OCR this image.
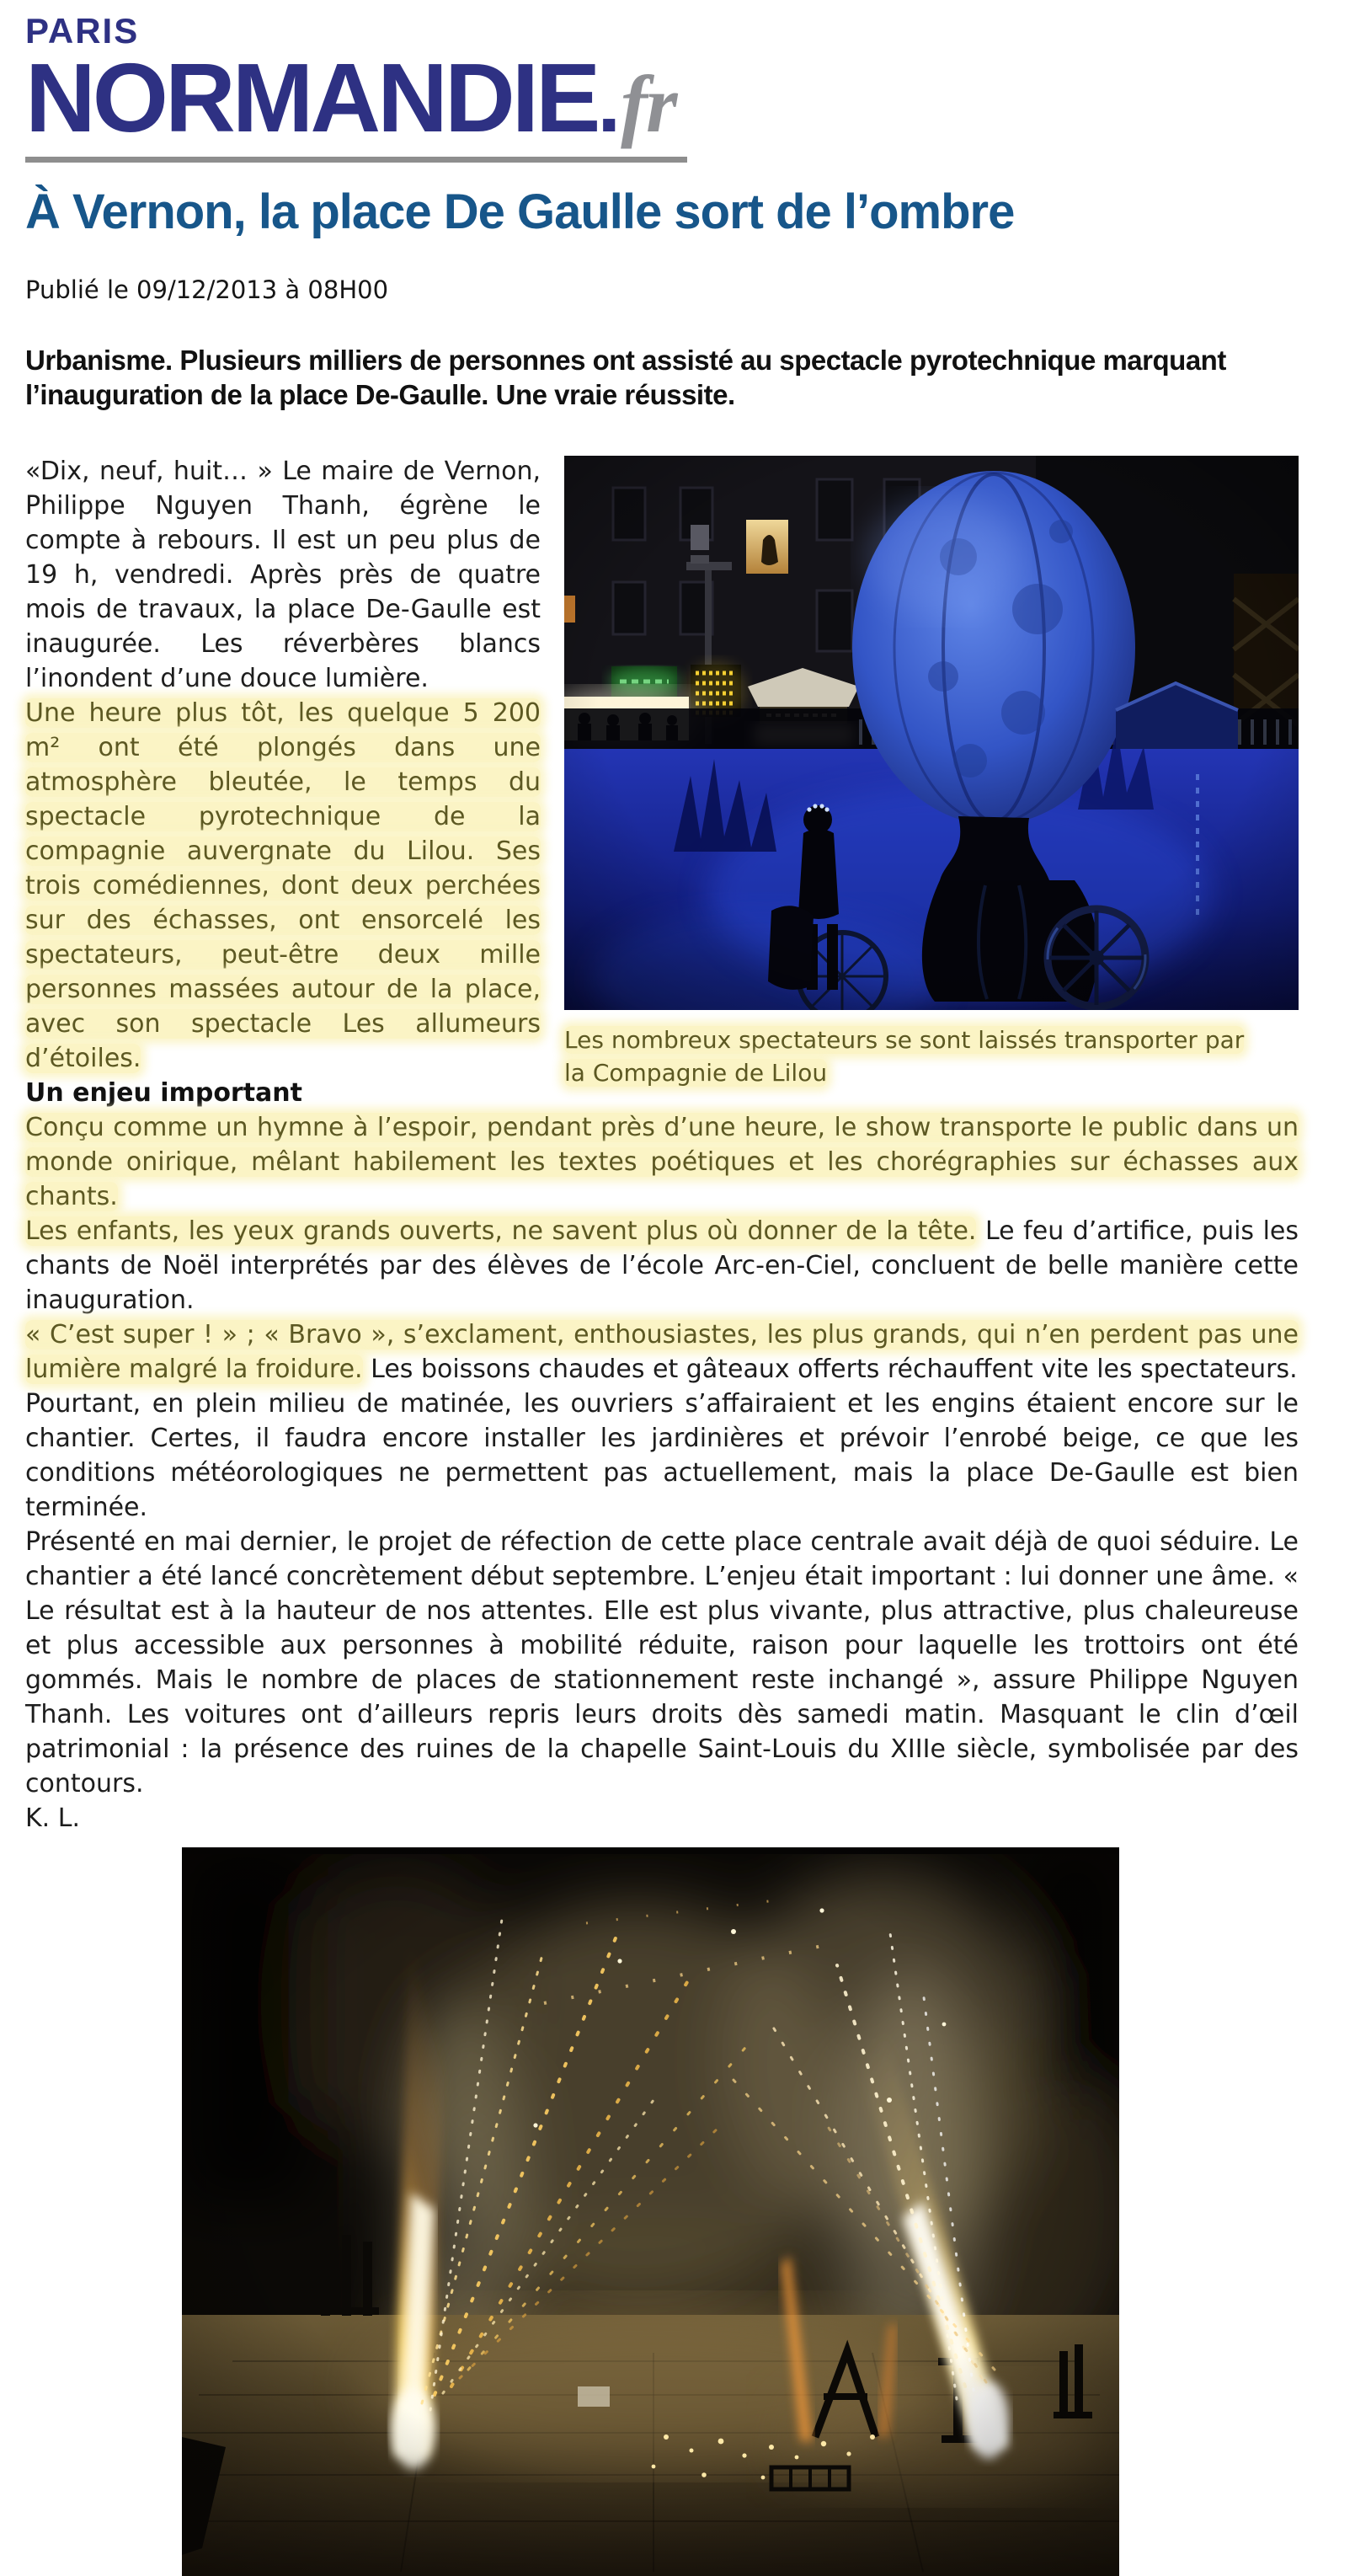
PARIS
NORMANDIE . fr
À Vernon, la place De Gaulle sort de l’ombre
Publié le 09/12/2013 à 08H00

Urbanisme. Plusieurs milliers de personnes ont assisté au spectacle pyrotechnique marquant l’inauguration de la place De-Gaulle. Une vraie réussite.

Les nombreux spectateurs se sont laissés transporter par la Compagnie de Lilou

«Dix, neuf, huit… » Le maire de Vernon, Philippe Nguyen Thanh, égrène le compte à rebours. Il est un peu plus de 19 h, vendredi. Après près de quatre mois de travaux, la place De-Gaulle est inaugurée. Les réverbères blancs l’inondent d’une douce lumière.

Une heure plus tôt, les quelque 5 200 m² ont été plongés dans une atmosphère bleutée, le temps du spectacle pyrotechnique de la compagnie auvergnate du Lilou. Ses trois comédiennes, dont deux perchées sur des échasses, ont ensorcelé les spectateurs, peut-être deux mille personnes massées autour de la place, avec son spectacle Les allumeurs d’étoiles.

Un enjeu important

Conçu comme un hymne à l’espoir, pendant près d’une heure, le show transporte le public dans un monde onirique, mêlant habilement les textes poétiques et les chorégraphies sur échasses aux chants.

Les enfants, les yeux grands ouverts, ne savent plus où donner de la tête. Le feu d’artifice, puis les chants de Noël interprétés par des élèves de l’école Arc-en-Ciel, concluent de belle manière cette inauguration.

« C’est super ! » ; « Bravo », s’exclament, enthousiastes, les plus grands, qui n’en perdent pas une lumière malgré la froidure. Les boissons chaudes et gâteaux offerts réchauffent vite les spectateurs.

Pourtant, en plein milieu de matinée, les ouvriers s’affairaient et les engins étaient encore sur le chantier. Certes, il faudra encore installer les jardinières et prévoir l’enrobé beige, ce que les conditions météorologiques ne permettent pas actuellement, mais la place De-Gaulle est bien terminée.

Présenté en mai dernier, le projet de réfection de cette place centrale avait déjà de quoi séduire. Le chantier a été lancé concrètement début septembre. L’enjeu était important : lui donner une âme. « Le résultat est à la hauteur de nos attentes. Elle est plus vivante, plus attractive, plus chaleureuse et plus accessible aux personnes à mobilité réduite, raison pour laquelle les trottoirs ont été gommés. Mais le nombre de places de stationnement reste inchangé », assure Philippe Nguyen Thanh. Les voitures ont d’ailleurs repris leurs droits dès samedi matin. Masquant le clin d’œil patrimonial : la présence des ruines de la chapelle Saint-Louis du XIIIe siècle, symbolisée par des contours.

K. L.
